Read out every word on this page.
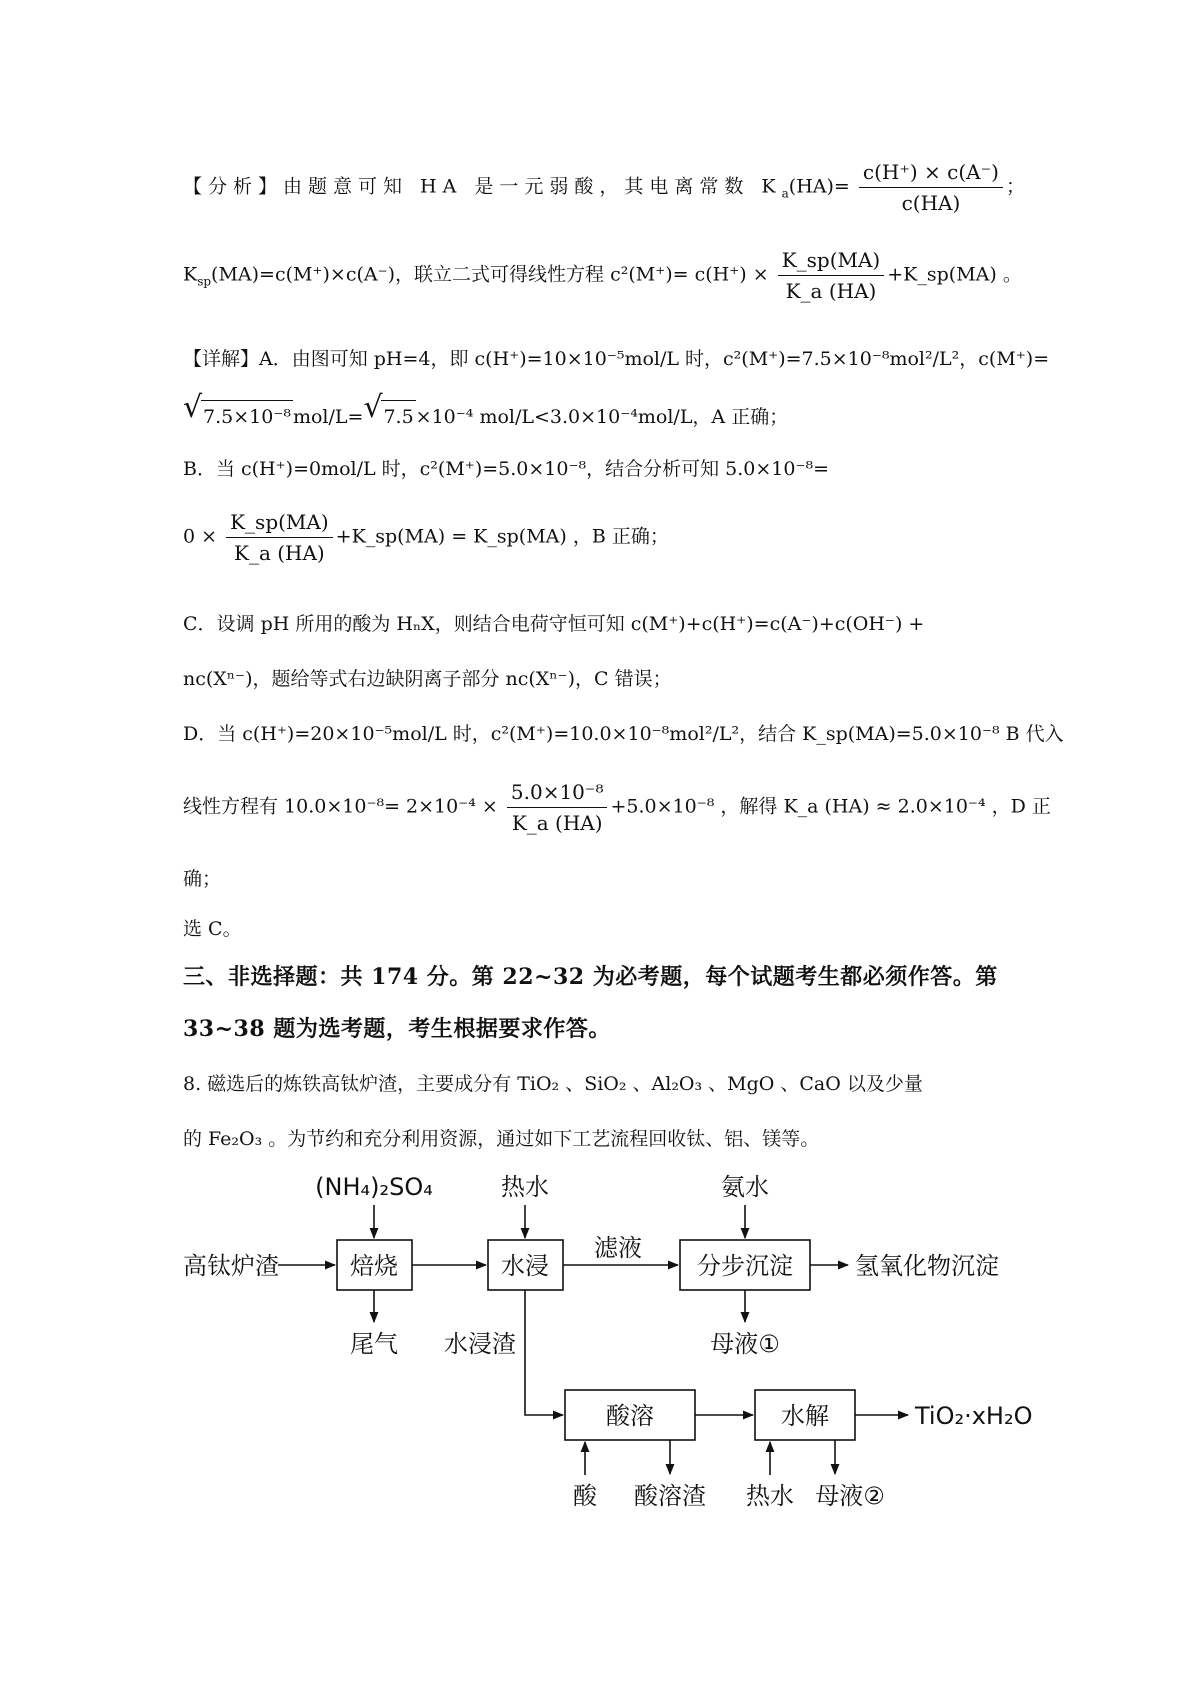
【分析】由题意可知 HA 是一元弱酸，其电离常数 $K_a(HA)= \frac{c(H^+) \times c(A^-)}{c(HA)}$ ；
$K_{sp}(MA)=c(M^+)\times c(A^-)$，联立二式可得线性方程 $c^2(M^+)= c(H^+) \times \frac{K\_sp(MA)}{K\_a (HA)}$ +K_sp(MA) 。
【详解】A．由图可知 pH=4，即 c(H⁺)=10×10⁻⁵mol/L 时，c²(M⁺)=7.5×10⁻⁸mol²/L²，c(M⁺)=
√ 7.5×10⁻⁸ mol/L= √ 7.5 ×10⁻⁴ mol/L<3.0×10⁻⁴mol/L，A 正确；
B．当 c(H⁺)=0mol/L 时，c²(M⁺)=5.0×10⁻⁸，结合分析可知 5.0×10⁻⁸=
$0 \times \frac{K\_sp(MA)}{K\_a (HA)}$ +K_sp(MA) = K_sp(MA) ，B 正确；
C．设调 pH 所用的酸为 HₙX，则结合电荷守恒可知 c(M⁺)+c(H⁺)=c(A⁻)+c(OH⁻) +
nc(Xⁿ⁻)，题给等式右边缺阴离子部分 nc(Xⁿ⁻)，C 错误；
D．当 c(H⁺)=20×10⁻⁵mol/L 时，c²(M⁺)=10.0×10⁻⁸mol²/L²，结合 K_sp(MA)=5.0×10⁻⁸ B 代入
线性方程有 $10.0\times 10^{-8}= 2\times 10^{-4} \times \frac{\text{5.0×10⁻⁸}}{K\_a (HA)} +5.0\times 10^{-8}$ ，解得 K_a (HA) ≈ 2.0×10⁻⁴ ，D 正
确；
选 C。
三、非选择题：共 174 分。第 22~32 为必考题，每个试题考生都必须作答。第
33~38 题为选考题，考生根据要求作答。
8. 磁选后的炼铁高钛炉渣，主要成分有 TiO₂ 、SiO₂ 、Al₂O₃ 、MgO 、CaO 以及少量
的 Fe₂O₃ 。为节约和充分利用资源，通过如下工艺流程回收钛、铝、镁等。
(NH₄)₂SO₄	热水	氨水
高钛炉渣	焙烧	水浸
滤液
分步沉淀	氢氧化物沉淀
尾气 水浸渣	母液①
酸溶	水解	TiO₂·xH₂O
酸 酸溶渣 热水 母液②
